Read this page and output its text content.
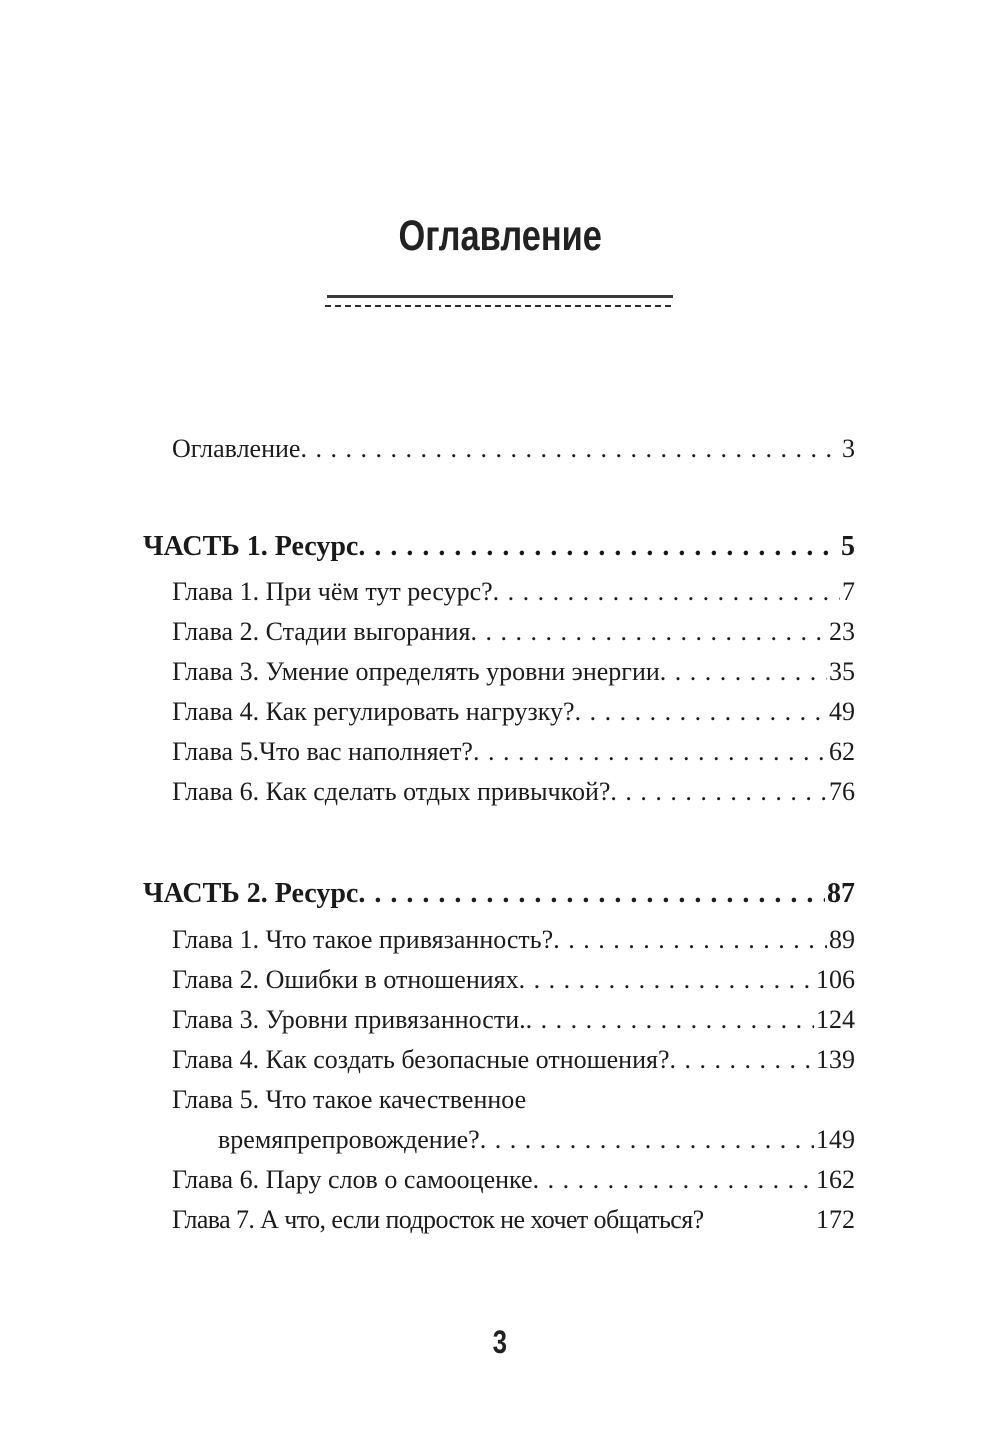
Оглавление
Оглавление . . .	3
ЧАСТЬ 1. Ресурс . . .	5
Глава 1. При чём тут ресурс? . . .	7
Глава 2. Стадии выгорания . . .	23
Глава 3. Умение определять уровни энергии . . .	35
Глава 4. Как регулировать нагрузку? . . .	49
Глава 5.Что вас наполняет? . . .	62
Глава 6. Как сделать отдых привычкой? . . .	76
ЧАСТЬ 2. Ресурс . . .	87
Глава 1. Что такое привязанность? . . .	89
Глава 2. Ошибки в отношениях . . .	106
Глава 3. Уровни привязанности. . . .	124
Глава 4. Как создать безопасные отношения? . . .	139
Глава 5. Что такое качественное
времяпрепровождение? . . .	149
Глава 6. Пару слов о самооценке . . .	162
Глава 7. А что, если подросток не хочет общаться?	172
3
